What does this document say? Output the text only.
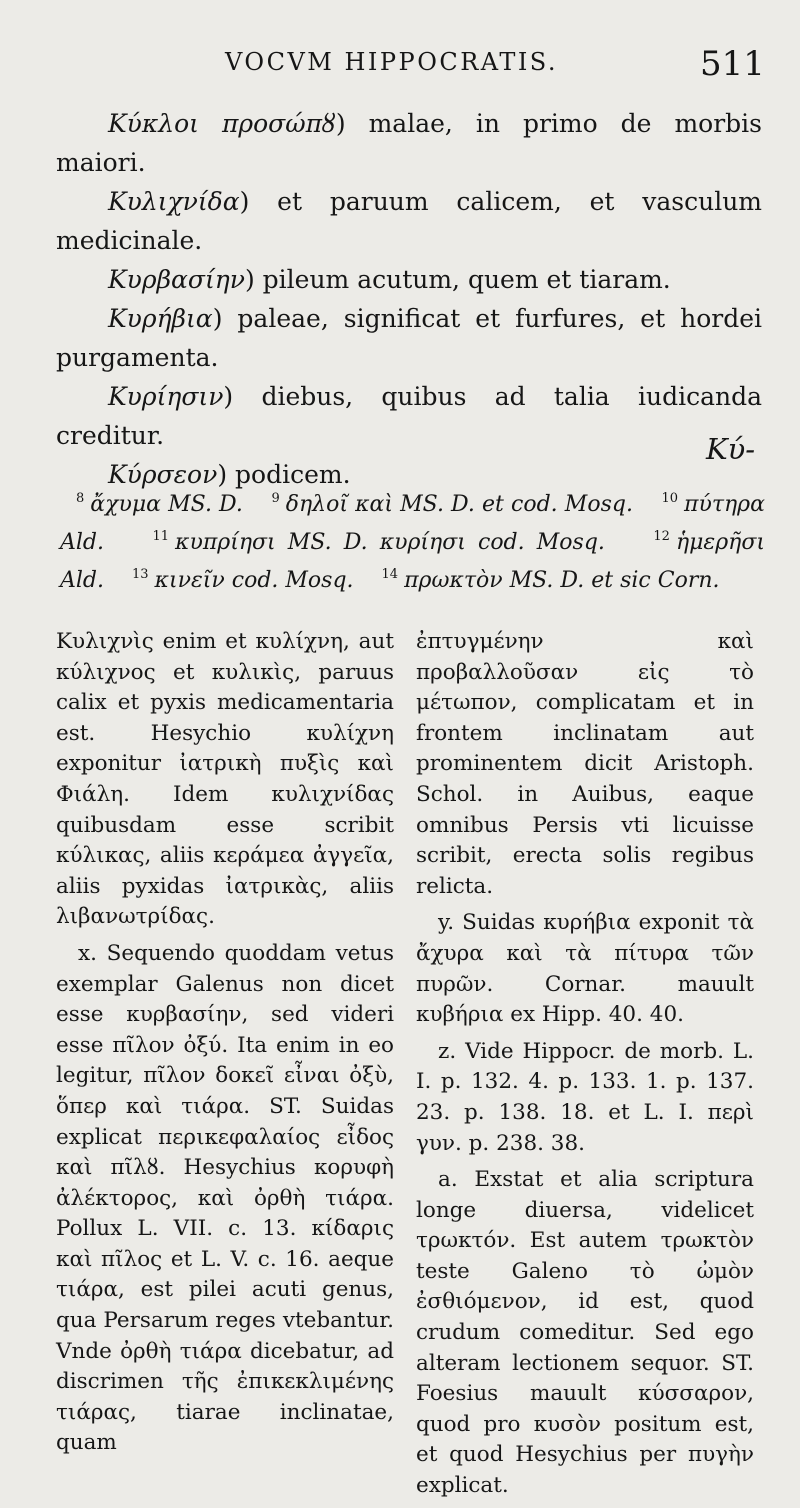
VOCVM HIPPOCRATIS.	511

Κύκλοι προσώπȣ) malae, in primo de morbis maiori.

Κυλιχνίδα) et paruum calicem, et vasculum medicinale.

Κυρβασίην) pileum acutum, quem et tiaram.

Κυρήβια) paleae, significat et furfures, et hordei purgamenta.

Κυρίησιν) diebus, quibus ad talia iudicanda creditur.

Κύρσεον) podicem.

Κύ-
$^8$ ἄχυμα MS. D. $^9$ δηλοῖ καὶ MS. D. et cod. Mosq. $^{10}$ πύτηρα Ald.	$^{11}$ κυπρίησι MS. D. κυρίησι cod. Mosq.	$^{12}$ ἡμερῆσι Ald. $^{13}$ κινεῖν cod. Mosq. $^{14}$ πρωκτὸν MS. D. et sic Corn.

Κυλιχνὶς enim et κυλίχνη, aut κύλιχνος et κυλικὶς, paruus calix et pyxis medicamentaria est. Hesychio κυλίχνη exponitur ἰατρικὴ πυξὶς καὶ Φιάλη. Idem κυλιχνίδας quibusdam esse scribit κύλικας, aliis κεράμεα ἀγγεῖα, aliis pyxidas ἰατρικὰς, aliis λιβανωτρίδας.

x. Sequendo quoddam vetus exemplar Galenus non dicet esse κυρβασίην, sed videri esse πῖλον ὀξύ. Ita enim in eo legitur, πῖλον δοκεῖ εἶναι ὀξὺ, ὅπερ καὶ τιάρα. ST. Suidas explicat περικεφαλαίος εἶδος καὶ πῖλȣ. Hesychius κορυφὴ ἀλέκτορος, καὶ ὀρθὴ τιάρα. Pollux L. VII. c. 13. κίδαρις καὶ πῖλος et L. V. c. 16. aeque τιάρα, est pilei acuti genus, qua Persarum reges vtebantur. Vnde ὀρθὴ τιάρα dicebatur, ad discrimen τῆς ἐπικεκλιμένης τιάρας, tiarae inclinatae, quam

ἐπτυγμένην καὶ προβαλλοῦσαν εἰς τὸ μέτωπον, complicatam et in frontem inclinatam aut prominentem dicit Aristoph. Schol. in Auibus, eaque omnibus Persis vti licuisse scribit, erecta solis regibus relicta.

y. Suidas κυρήβια exponit τὰ ἄχυρα καὶ τὰ πίτυρα τῶν πυρῶν. Cornar. mauult κυβήρια ex Hipp. 40. 40.

z. Vide Hippocr. de morb. L. I. p. 132. 4. p. 133. 1. p. 137. 23. p. 138. 18. et L. I. περὶ γυν. p. 238. 38.

a. Exstat et alia scriptura longe diuersa, videlicet τρωκτόν. Est autem τρωκτὸν teste Galeno τὸ ὠμὸν ἐσθιόμενον, id est, quod crudum comeditur. Sed ego alteram lectionem sequor. ST. Foesius mauult κύσσαρον, quod pro κυσὸν positum est, et quod Hesychius per πυγὴν explicat.
